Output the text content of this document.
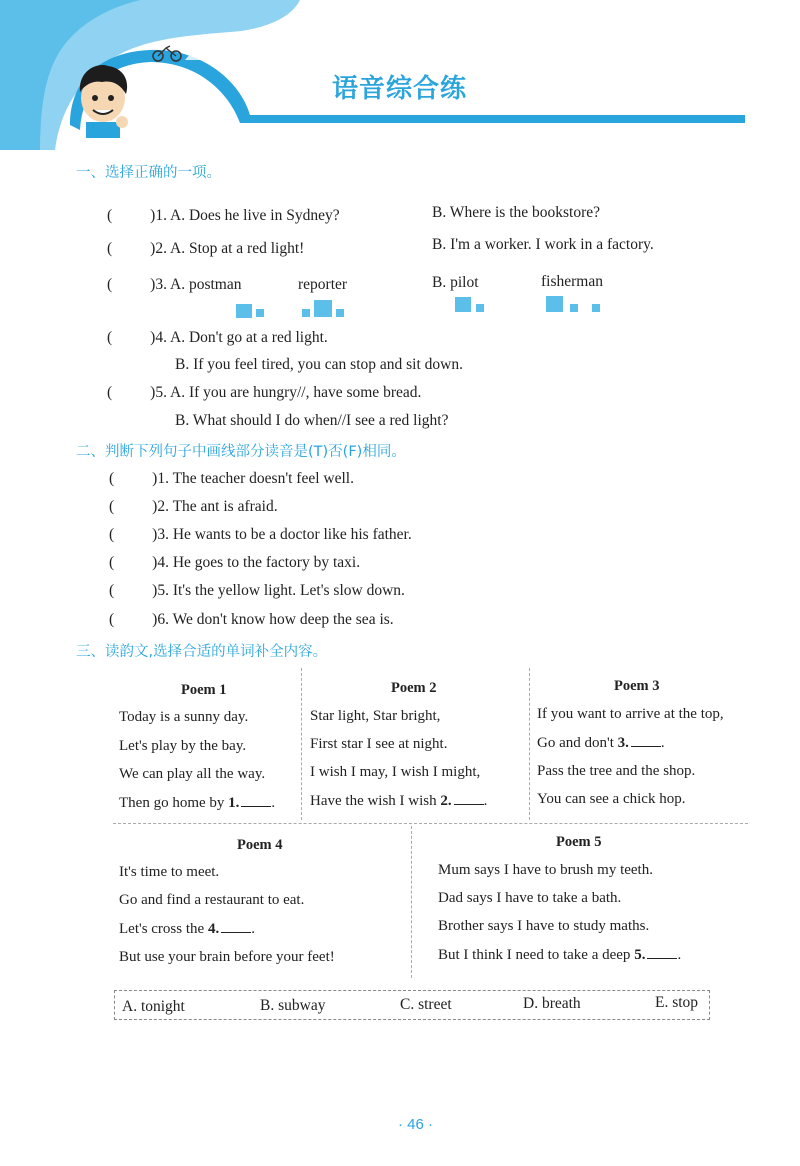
语音综合练
一、选择正确的一项。
( )1. A. Does he live in Sydney?	B. Where is the bookstore?
( )2. A. Stop at a red light!	B. I'm a worker. I work in a factory.
( )3. A. postman	reporter	B. pilot	fisherman
( )4. A. Don't go at a red light.
B. If you feel tired, you can stop and sit down.
( )5. A. If you are hungry//, have some bread.
B. What should I do when//I see a red light?
二、判断下列句子中画线部分读音是(T)否(F)相同。
( )1. The teacher doesn't feel well.
( )2. The ant is afraid.
( )3. He wants to be a doctor like his father.
( )4. He goes to the factory by taxi.
( )5. It's the yellow light. Let's slow down.
( )6. We don't know how deep the sea is.
三、读韵文,选择合适的单词补全内容。
Poem 1
Today is a sunny day.
Let's play by the bay.
We can play all the way.
Then go home by 1. .
Poem 2
Star light, Star bright,
First star I see at night.
I wish I may, I wish I might,
Have the wish I wish 2. .
Poem 3
If you want to arrive at the top,
Go and don't 3. .
Pass the tree and the shop.
You can see a chick hop.
Poem 4
It's time to meet.
Go and find a restaurant to eat.
Let's cross the 4. .
But use your brain before your feet!
Poem 5
Mum says I have to brush my teeth.
Dad says I have to take a bath.
Brother says I have to study maths.
But I think I need to take a deep 5. .
A. tonight	B. subway	C. street	D. breath	E. stop
· 46 ·
